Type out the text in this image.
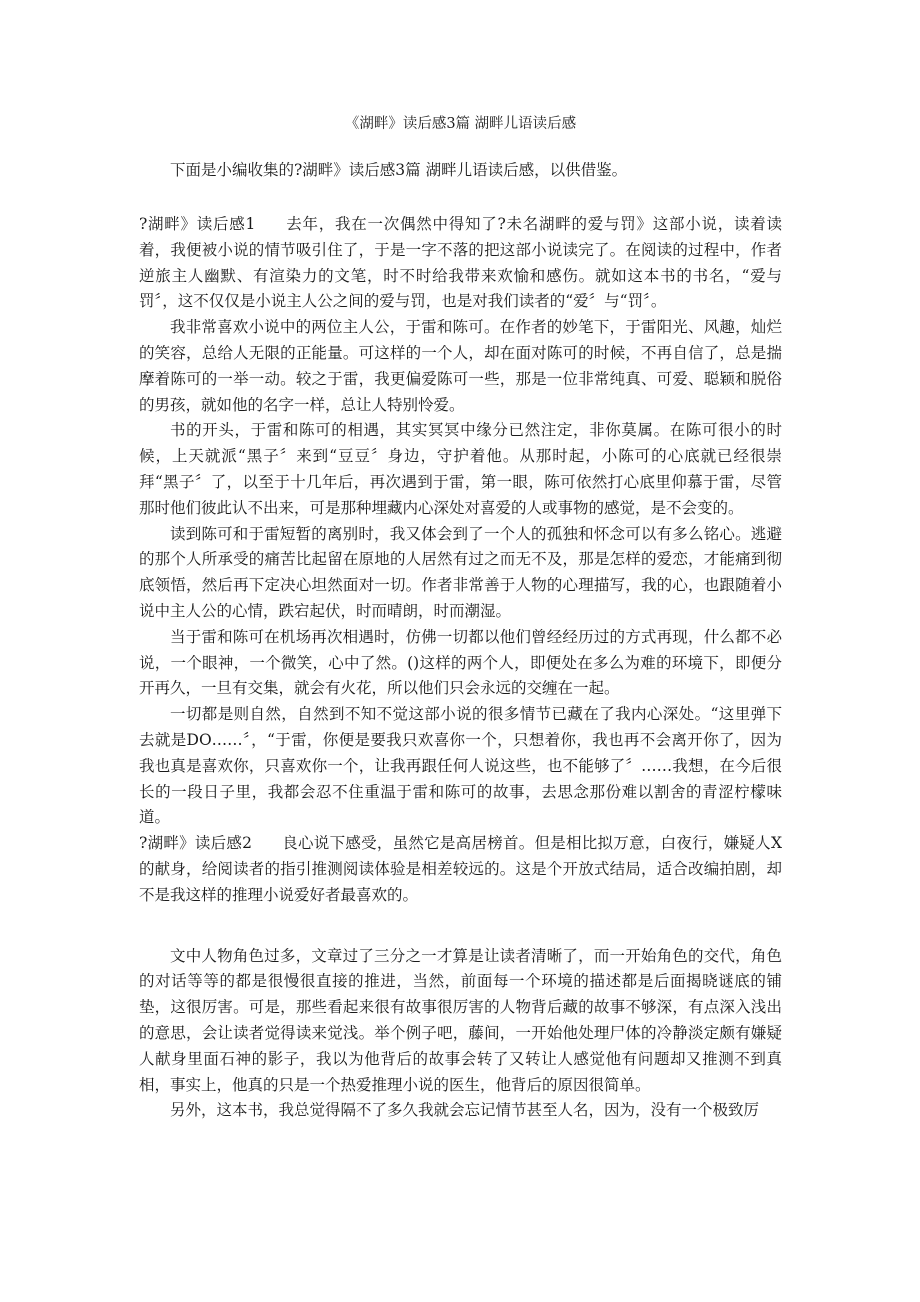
《湖畔》读后感3篇 湖畔儿语读后感
下面是小编收集的?湖畔》读后感3篇 湖畔儿语读后感，以供借鉴。

?湖畔》读后感1 去年，我在一次偶然中得知了?未名湖畔的爱与罚》这部小说，读着读着，我便被小说的情节吸引住了，于是一字不落的把这部小说读完了。在阅读的过程中，作者逆旅主人幽默、有渲染力的文笔，时不时给我带来欢愉和感伤。就如这本书的书名，“爱与罚〞，这不仅仅是小说主人公之间的爱与罚，也是对我们读者的“爱〞与“罚〞。

我非常喜欢小说中的两位主人公，于雷和陈可。在作者的妙笔下，于雷阳光、风趣，灿烂的笑容，总给人无限的正能量。可这样的一个人，却在面对陈可的时候，不再自信了，总是揣摩着陈可的一举一动。较之于雷，我更偏爱陈可一些，那是一位非常纯真、可爱、聪颖和脱俗的男孩，就如他的名字一样，总让人特别怜爱。

书的开头，于雷和陈可的相遇，其实冥冥中缘分已然注定，非你莫属。在陈可很小的时候，上天就派“黑子〞来到“豆豆〞身边，守护着他。从那时起，小陈可的心底就已经很崇拜“黑子〞了，以至于十几年后，再次遇到于雷，第一眼，陈可依然打心底里仰慕于雷，尽管那时他们彼此认不出来，可是那种埋藏内心深处对喜爱的人或事物的感觉，是不会变的。

读到陈可和于雷短暂的离别时，我又体会到了一个人的孤独和怀念可以有多么铭心。逃避的那个人所承受的痛苦比起留在原地的人居然有过之而无不及，那是怎样的爱恋，才能痛到彻底领悟，然后再下定决心坦然面对一切。作者非常善于人物的心理描写，我的心，也跟随着小说中主人公的心情，跌宕起伏，时而晴朗，时而潮湿。

当于雷和陈可在机场再次相遇时，仿佛一切都以他们曾经经历过的方式再现，什么都不必说，一个眼神，一个微笑，心中了然。()这样的两个人，即便处在多么为难的环境下，即便分开再久，一旦有交集，就会有火花，所以他们只会永远的交缠在一起。

一切都是则自然，自然到不知不觉这部小说的很多情节已藏在了我内心深处。“这里弹下去就是DO……〞，“于雷，你便是要我只欢喜你一个，只想着你，我也再不会离开你了，因为我也真是喜欢你，只喜欢你一个，让我再跟任何人说这些，也不能够了〞……我想，在今后很长的一段日子里，我都会忍不住重温于雷和陈可的故事，去思念那份难以割舍的青涩柠檬味道。

?湖畔》读后感2 良心说下感受，虽然它是高居榜首。但是相比拟万意，白夜行，嫌疑人X的献身，给阅读者的指引推测阅读体验是相差较远的。这是个开放式结局，适合改编拍剧，却不是我这样的推理小说爱好者最喜欢的。

文中人物角色过多，文章过了三分之一才算是让读者清晰了，而一开始角色的交代，角色的对话等等的都是很慢很直接的推进，当然，前面每一个环境的描述都是后面揭晓谜底的铺垫，这很厉害。可是，那些看起来很有故事很厉害的人物背后藏的故事不够深，有点深入浅出的意思，会让读者觉得读来觉浅。举个例子吧，藤间，一开始他处理尸体的冷静淡定颇有嫌疑人献身里面石神的影子，我以为他背后的故事会转了又转让人感觉他有问题却又推测不到真相，事实上，他真的只是一个热爱推理小说的医生，他背后的原因很简单。

另外，这本书，我总觉得隔不了多久我就会忘记情节甚至人名，因为，没有一个极致厉
